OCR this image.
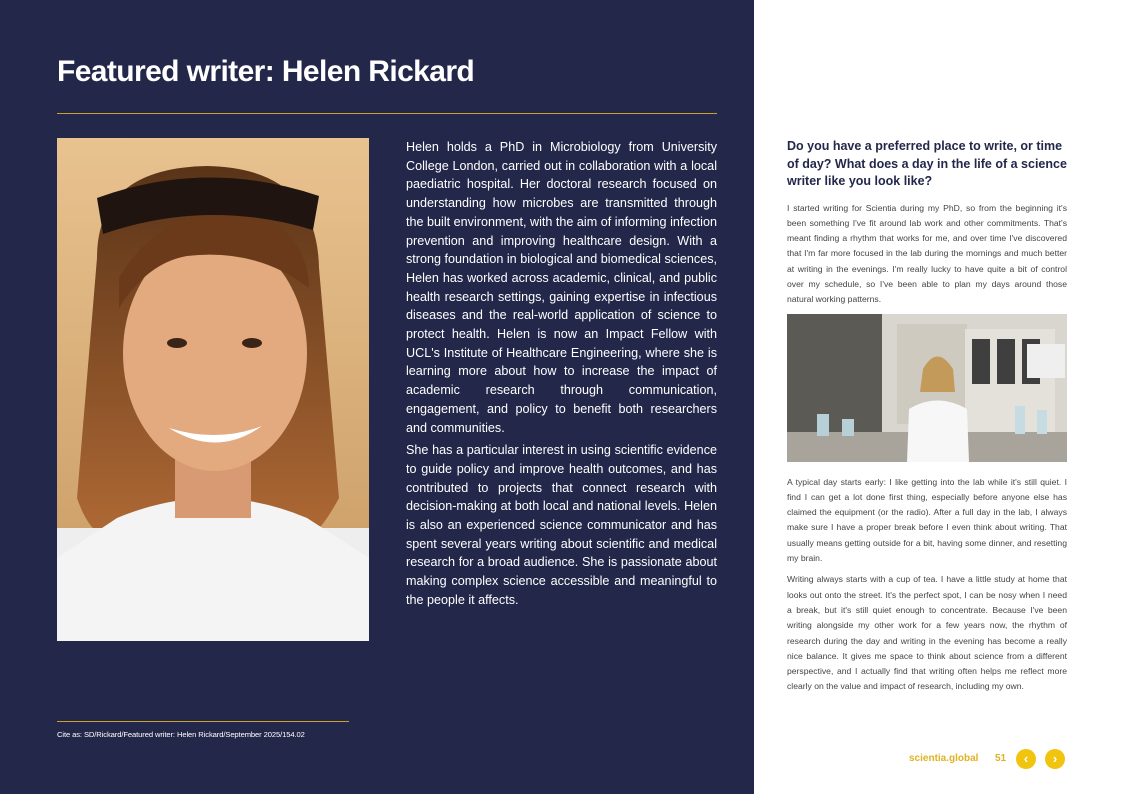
Featured writer: Helen Rickard

Helen holds a PhD in Microbiology from University College London, carried out in collaboration with a local paediatric hospital. Her doctoral research focused on understanding how microbes are transmitted through the built environment, with the aim of informing infection prevention and improving healthcare design. With a strong foundation in biological and biomedical sciences, Helen has worked across academic, clinical, and public health research settings, gaining expertise in infectious diseases and the real-world application of science to protect health. Helen is now an Impact Fellow with UCL's Institute of Healthcare Engineering, where she is learning more about how to increase the impact of academic research through communication, engagement, and policy to benefit both researchers and communities.

She has a particular interest in using scientific evidence to guide policy and improve health outcomes, and has contributed to projects that connect research with decision-making at both local and national levels. Helen is also an experienced science communicator and has spent several years writing about scientific and medical research for a broad audience. She is passionate about making complex science accessible and meaningful to the people it affects.

Cite as: SD/Rickard/Featured writer: Helen Rickard/September 2025/154.02

Do you have a preferred place to write, or time of day? What does a day in the life of a science writer like you look like?

I started writing for Scientia during my PhD, so from the beginning it's been something I've fit around lab work and other commitments. That's meant finding a rhythm that works for me, and over time I've discovered that I'm far more focused in the lab during the mornings and much better at writing in the evenings. I'm really lucky to have quite a bit of control over my schedule, so I've been able to plan my days around those natural working patterns.

A typical day starts early: I like getting into the lab while it's still quiet. I find I can get a lot done first thing, especially before anyone else has claimed the equipment (or the radio). After a full day in the lab, I always make sure I have a proper break before I even think about writing. That usually means getting outside for a bit, having some dinner, and resetting my brain.

Writing always starts with a cup of tea. I have a little study at home that looks out onto the street. It's the perfect spot, I can be nosy when I need a break, but it's still quiet enough to concentrate. Because I've been writing alongside my other work for a few years now, the rhythm of research during the day and writing in the evening has become a really nice balance. It gives me space to think about science from a different perspective, and I actually find that writing often helps me reflect more clearly on the value and impact of research, including my own.

scientia.global 51	‹	›
